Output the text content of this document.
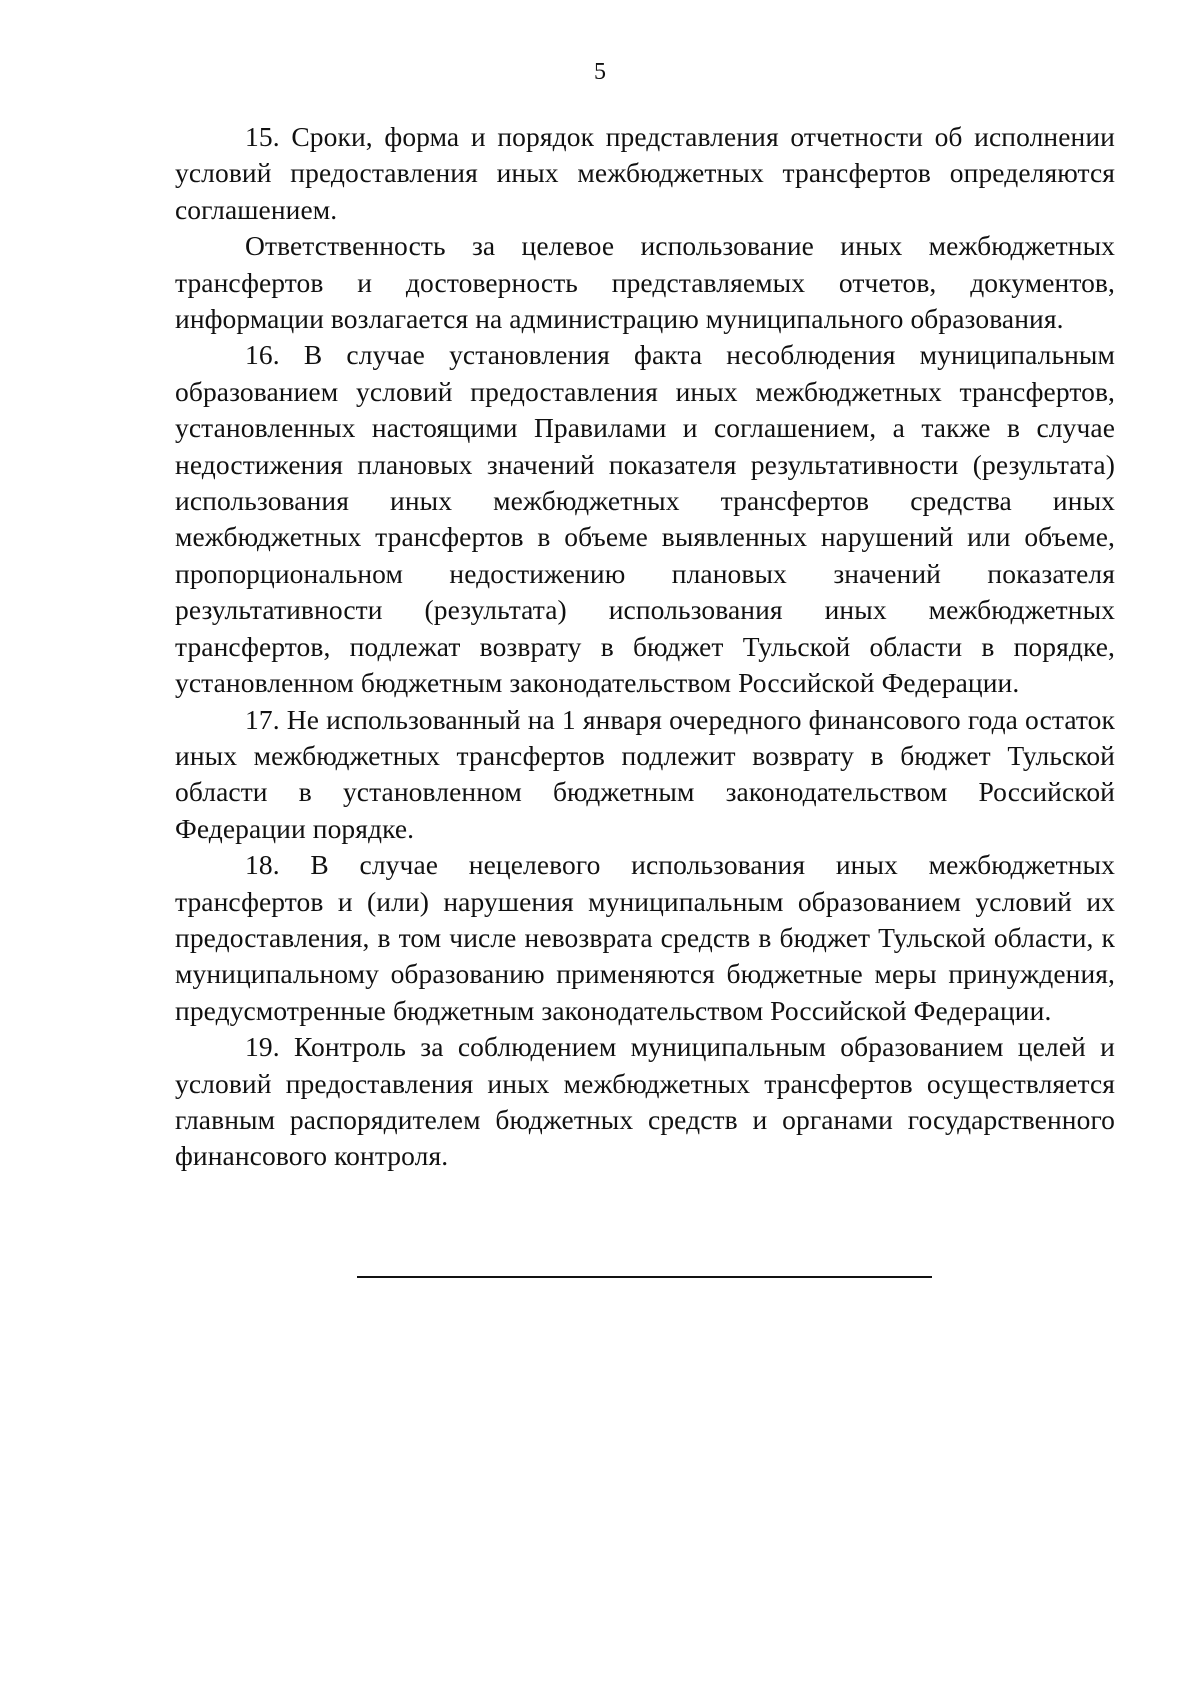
5

15. Сроки, форма и порядок представления отчетности об исполнении условий предоставления иных межбюджетных трансфертов определяются соглашением.

Ответственность за целевое использование иных межбюджетных трансфертов и достоверность представляемых отчетов, документов, информации возлагается на администрацию муниципального образования.

16. В случае установления факта несоблюдения муниципальным образованием условий предоставления иных межбюджетных трансфертов, установленных настоящими Правилами и соглашением, а также в случае недостижения плановых значений показателя результативности (результата) использования иных межбюджетных трансфертов средства иных межбюджетных трансфертов в объеме выявленных нарушений или объеме, пропорциональном недостижению плановых значений показателя результативности (результата) использования иных межбюджетных трансфертов, подлежат возврату в бюджет Тульской области в порядке, установленном бюджетным законодательством Российской Федерации.

17. Не использованный на 1 января очередного финансового года остаток иных межбюджетных трансфертов подлежит возврату в бюджет Тульской области в установленном бюджетным законодательством Российской Федерации порядке.

18. В случае нецелевого использования иных межбюджетных трансфертов и (или) нарушения муниципальным образованием условий их предоставления, в том числе невозврата средств в бюджет Тульской области, к муниципальному образованию применяются бюджетные меры принуждения, предусмотренные бюджетным законодательством Российской Федерации.

19. Контроль за соблюдением муниципальным образованием целей и условий предоставления иных межбюджетных трансфертов осуществляется главным распорядителем бюджетных средств и органами государственного финансового контроля.
